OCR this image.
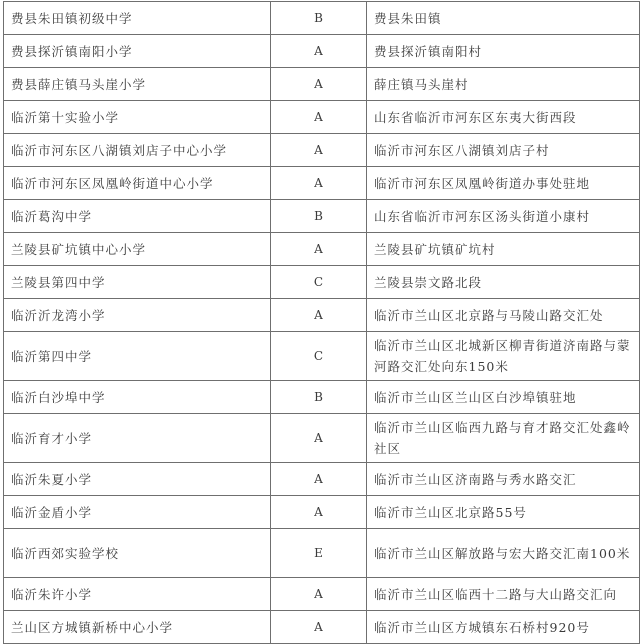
费县朱田镇初级中学	B	费县朱田镇
费县探沂镇南阳小学	A	费县探沂镇南阳村
费县薛庄镇马头崖小学	A	薛庄镇马头崖村
临沂第十实验小学	A	山东省临沂市河东区东夷大街西段
临沂市河东区八湖镇刘店子中心小学	A	临沂市河东区八湖镇刘店子村
临沂市河东区凤凰岭街道中心小学	A	临沂市河东区凤凰岭街道办事处驻地
临沂葛沟中学	B	山东省临沂市河东区汤头街道小康村
兰陵县矿坑镇中心小学	A	兰陵县矿坑镇矿坑村
兰陵县第四中学	C	兰陵县崇文路北段
临沂沂龙湾小学	A	临沂市兰山区北京路与马陵山路交汇处
临沂第四中学	C	临沂市兰山区北城新区柳青街道济南路与蒙河路交汇处向东150米
临沂白沙埠中学	B	临沂市兰山区兰山区白沙埠镇驻地
临沂育才小学	A	临沂市兰山区临西九路与育才路交汇处鑫岭社区
临沂朱夏小学	A	临沂市兰山区济南路与秀水路交汇
临沂金盾小学	A	临沂市兰山区北京路55号
临沂西郊实验学校	E	临沂市兰山区解放路与宏大路交汇南100米
临沂朱许小学	A	临沂市兰山区临西十二路与大山路交汇向
兰山区方城镇新桥中心小学	A	临沂市兰山区方城镇东石桥村920号
